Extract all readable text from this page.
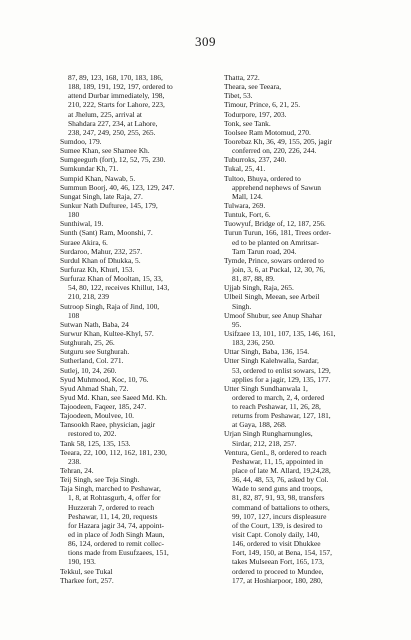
309
87, 89, 123, 168, 170, 183, 186,
188, 189, 191, 192, 197, ordered to
attend Durbar immediately, 198,
210, 222, Starts for Lahore, 223,
at Jhelum, 225, arrival at
Shahdara 227, 234, at Lahore,
238, 247, 249, 250, 255, 265.
Sumdoo, 179.
Sumee Khan, see Shamee Kh.
Sumgeegurh (fort), 12, 52, 75, 230.
Sumkundar Kh, 71.
Sumpid Khan, Nawab, 5.
Summun Boorj, 40, 46, 123, 129, 247.
Sungat Singh, late Raja, 27.
Sunkur Nath Dufturee, 145, 179,
180
Sunthiwal, 19.
Sunth (Sant) Ram, Moonshi, 7.
Suraee Akira, 6.
Surdaroo, Mahur, 232, 257.
Surdul Khan of Dhukka, 5.
Surfuraz Kh, Khurl, 153.
Surfuraz Khan of Mooltan, 15, 33,
54, 80, 122, receives Khillut, 143,
210, 218, 239
Sutroop Singh, Raja of Jind, 100,
108
Sutwan Nath, Baba, 24
Surwur Khan, Kultee-Khyl, 57.
Sutghurah, 25, 26.
Sutguru see Sutghurah.
Sutherland, Col. 271.
Sutlej, 10, 24, 260.
Syud Muhmood, Koc, 10, 76.
Syud Ahmad Shah, 72.
Syud Md. Khan, see Saeed Md. Kh.
Tajoodeen, Faqeer, 185, 247.
Tajoodeen, Moulvee, 10.
Tansookh Raee, physician, jagir
restored to, 202.
Tank 58, 125, 135, 153.
Teeara, 22, 100, 112, 162, 181, 230,
238.
Tehran, 24.
Teij Singh, see Teja Singh.
Taja Singh, marched to Peshawar,
1, 8, at Rohtasgurh, 4, offer for
Huzzerah 7, ordered to reach
Peshawar, 11, 14, 20, requests
for Hazara jagir 34, 74, appoint-
ed in place of Jodh Singh Maun,
86, 124, ordered to remit collec-
tions made from Eusufzaees, 151,
190, 193.
Tekkul, see Tukal
Tharkee fort, 257.
Thatta, 272.
Theara, see Teeara,
Tibet, 53.
Timour, Prince, 6, 21, 25.
Todurpore, 197, 203.
Tonk, see Tank.
Toolsee Ram Motomud, 270.
Toorebaz Kh, 36, 49, 155, 205, jagir
conferred on, 220, 226, 244.
Tuburroks, 237, 240.
Tukal, 25, 41.
Tultoo, Bhuya, ordered to
apprehend nephews of Sawun
Mall, 124.
Tulwara, 269.
Tuntuk, Fort, 6.
Tuowyuf, Bridge of, 12, 187, 256.
Turun Turun, 166, 181, Trees order-
ed to be planted on Amritsar-
Tarn Tarun road, 204.
Tymde, Prince, sowars ordered to
join, 3, 6, at Puckal, 12, 30, 76,
81, 87, 88, 89.
Ujjab Singh, Raja, 265.
Ulbeil Singh, Meean, see Arbeil
Singh.
Umoof Shubur, see Anup Shahar
95.
Usifzaee 13, 101, 107, 135, 146, 161,
183, 236, 250.
Uttar Singh, Baba, 136, 154.
Utter Singh Kalehwalla, Sardar,
53, ordered to enlist sowars, 129,
applies for a jagir, 129, 135, 177.
Utter Singh Sundhanwala 1,
ordered to march, 2, 4, ordered
to reach Peshawar, 11, 26, 28,
returns from Peshawar, 127, 181,
at Gaya, 188, 268.
Urjan Singh Rungharnungles,
Sirdar, 212, 218, 257.
Ventura, Genl., 8, ordered to reach
Peshawar, 11, 15, appointed in
place of late M. Allard, 19,24,28,
36, 44, 48, 53, 76, asked by Col.
Wade to send guns and troops,
81, 82, 87, 91, 93, 98, transfers
command of battalions to others,
99, 107, 127, incurs displeasure
of the Court, 139, is desired to
visit Capt. Conoly daily, 140,
146, ordered to visit Dhukkee
Fort, 149, 150, at Bena, 154, 157,
takes Mulseean Fort, 165, 173,
ordered to proceed to Mundee,
177, at Hoshiarpoor, 180, 280,
